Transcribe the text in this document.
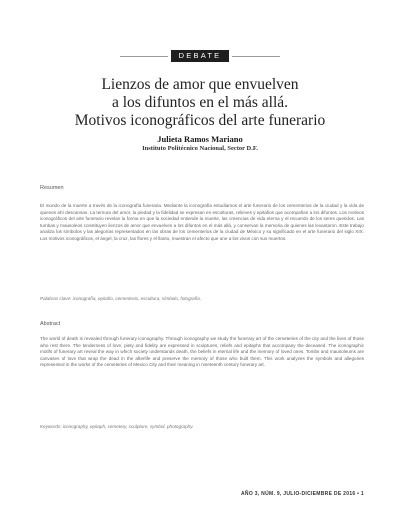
DEBATE
Lienzos de amor que envuelven
a los difuntos en el más allá.
Motivos iconográficos del arte funerario
Julieta Ramos Mariano
Instituto Politécnico Nacional, Sector D.F.
Resumen

El mundo de la muerte a través de la iconografía funeraria. Mediante la iconografía estudiamos el arte funerario de los cementerios de la ciudad y la vida de quienes ahí descansan. La ternura del amor, la piedad y la fidelidad se expresan en esculturas, relieves y epitafios que acompañan a los difuntos. Los motivos iconográficos del arte funerario revelan la forma en que la sociedad entiende la muerte, las creencias de vida eterna y el recuerdo de los seres queridos. Las tumbas y mausoleos constituyen lienzos de amor que envuelven a los difuntos en el más allá, y conservan la memoria de quienes las levantaron. Este trabajo analiza los símbolos y las alegorías representados en las obras de los cementerios de la ciudad de México y su significado en el arte funerario del siglo XIX. Los motivos iconográficos, el ángel, la cruz, las flores y el llanto, muestran el afecto que une a los vivos con sus muertos.

Palabras clave: iconografía, epitafio, cementerio, escultura, símbolo, fotografía.

Abstract

The world of death is revealed through funerary iconography. Through iconography we study the funerary art of the cemeteries of the city and the lives of those who rest there. The tenderness of love, piety and fidelity are expressed in sculptures, reliefs and epitaphs that accompany the deceased. The iconographic motifs of funerary art reveal the way in which society understands death, the beliefs in eternal life and the memory of loved ones. Tombs and mausoleums are canvases of love that wrap the dead in the afterlife and preserve the memory of those who built them. This work analyzes the symbols and allegories represented in the works of the cemeteries of Mexico City and their meaning in nineteenth century funerary art.

Keywords: iconography, epitaph, cemetery, sculpture, symbol, photography.

AÑO 3, NÚM. 9, JULIO-DICIEMBRE DE 2016 • 1
